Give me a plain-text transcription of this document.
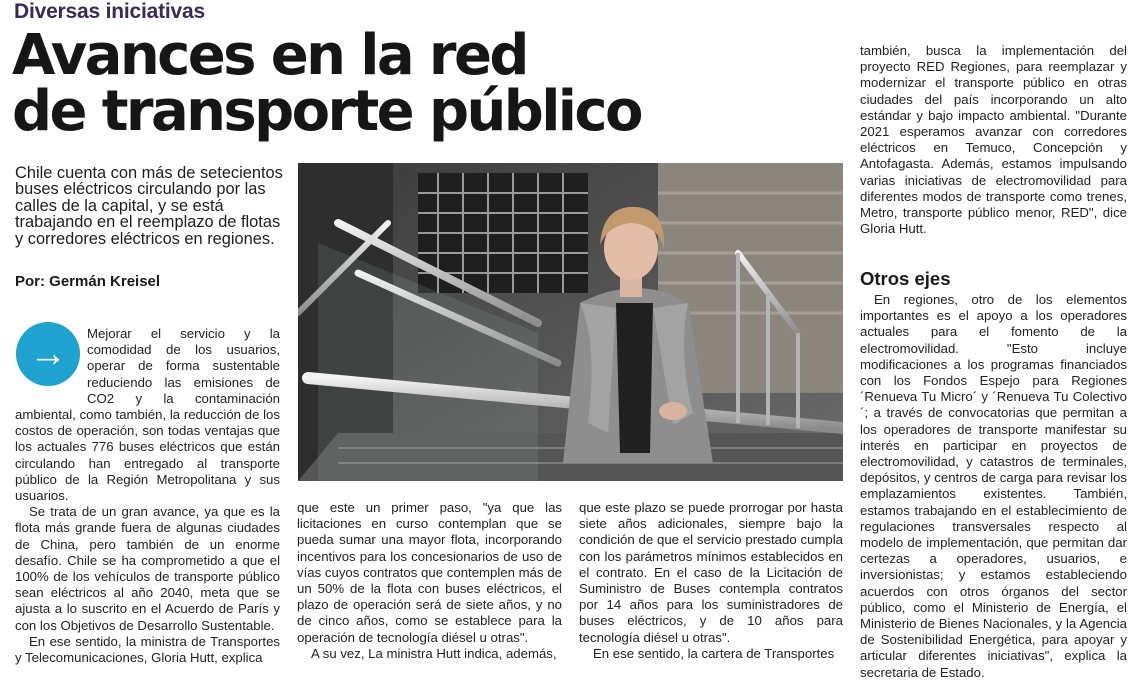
Diversas iniciativas
Avances en la red
de transporte público
Chile cuenta con más de setecientos buses eléctricos circulando por las calles de la capital, y se está trabajando en el reemplazo de flotas y corredores eléctricos en regiones.
Por: Germán Kreisel
→	Mejorar el servicio y la comodidad de los usuarios, operar de forma sustentable reduciendo las emisiones de CO2 y la contaminación ambiental, como también, la reducción de los costos de operación, son todas ventajas que los actuales 776 buses eléctricos que están circulando han entregado al transporte público de la Región Metropolitana y sus usuarios.

Se trata de un gran avance, ya que es la flota más grande fuera de algunas ciudades de China, pero también de un enorme desafío. Chile se ha comprometido a que el 100% de los vehículos de transporte público sean eléctricos al año 2040, meta que se ajusta a lo suscrito en el Acuerdo de París y con los Objetivos de Desarrollo Sustentable.

En ese sentido, la ministra de Transportes y Telecomunicaciones, Gloria Hutt, explica

que este un primer paso, "ya que las licitaciones en curso contemplan que se pueda sumar una mayor flota, incorporando incentivos para los concesionarios de uso de vías cuyos contratos que contemplen más de un 50% de la flota con buses eléctricos, el plazo de operación será de siete años, y no de cinco años, como se establece para la operación de tecnología diésel u otras".

A su vez, La ministra Hutt indica, además,

que este plazo se puede prorrogar por hasta siete años adicionales, siempre bajo la condición de que el servicio prestado cumpla con los parámetros mínimos establecidos en el contrato. En el caso de la Licitación de Suministro de Buses contempla contratos por 14 años para los suministradores de buses eléctricos, y de 10 años para tecnología diésel u otras".

En ese sentido, la cartera de Transportes

también, busca la implementación del proyecto RED Regiones, para reemplazar y modernizar el transporte público en otras ciudades del país incorporando un alto estándar y bajo impacto ambiental. "Durante 2021 esperamos avanzar con corredores eléctricos en Temuco, Concepción y Antofagasta. Además, estamos impulsando varias iniciativas de electromovilidad para diferentes modos de transporte como trenes, Metro, transporte público menor, RED", dice Gloria Hutt.

Otros ejes

En regiones, otro de los elementos importantes es el apoyo a los operadores actuales para el fomento de la electromovilidad. "Esto incluye modificaciones a los programas financiados con los Fondos Espejo para Regiones ´Renueva Tu Micro´ y ´Renueva Tu Colectivo´; a través de convocatorias que permitan a los operadores de transporte manifestar su interés en participar en proyectos de electromovilidad, y catastros de terminales, depósitos, y centros de carga para revisar los emplazamientos existentes. También, estamos trabajando en el establecimiento de regulaciones transversales respecto al modelo de implementación, que permitan dar certezas a operadores, usuarios, e inversionistas; y estamos estableciendo acuerdos con otros órganos del sector público, como el Ministerio de Energía, el Ministerio de Bienes Nacionales, y la Agencia de Sostenibilidad Energética, para apoyar y articular diferentes iniciativas", explica la secretaria de Estado.
